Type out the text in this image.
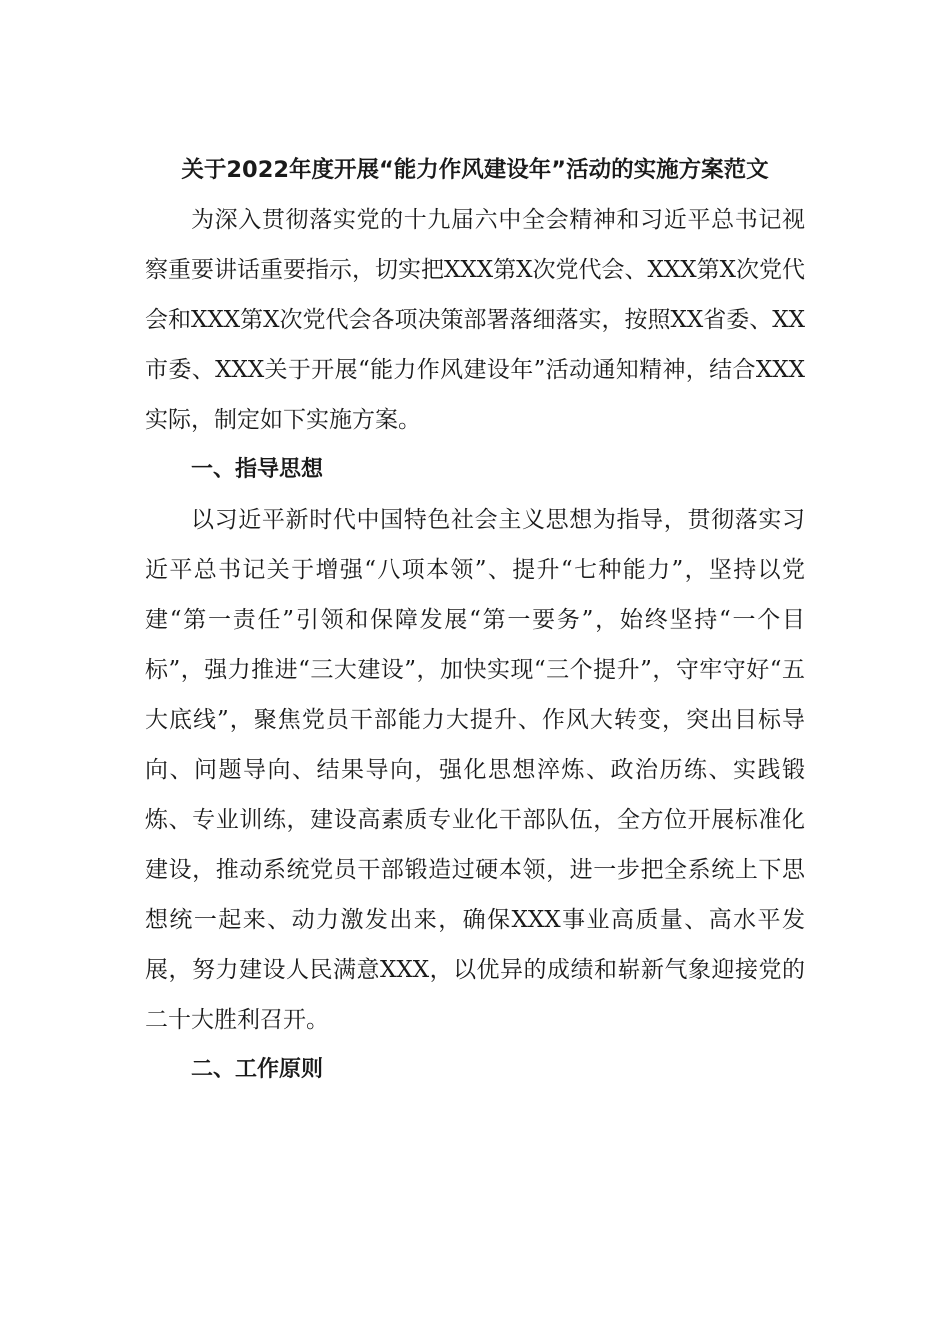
关于2022年度开展“能力作风建设年”活动的实施方案范文

为深入贯彻落实党的十九届六中全会精神和习近平总书记视察重要讲话重要指示，切实把XXX第X次党代会、XXX第X次党代会和XXX第X次党代会各项决策部署落细落实，按照XX省委、XX市委、XXX关于开展“能力作风建设年”活动通知精神，结合XXX实际，制定如下实施方案。

一、指导思想

以习近平新时代中国特色社会主义思想为指导，贯彻落实习近平总书记关于增强“八项本领”、提升“七种能力”，坚持以党建“第一责任”引领和保障发展“第一要务”，始终坚持“一个目标”，强力推进“三大建设”，加快实现“三个提升”，守牢守好“五大底线”，聚焦党员干部能力大提升、作风大转变，突出目标导向、问题导向、结果导向，强化思想淬炼、政治历练、实践锻炼、专业训练，建设高素质专业化干部队伍，全方位开展标准化建设，推动系统党员干部锻造过硬本领，进一步把全系统上下思想统一起来、动力激发出来，确保XXX事业高质量、高水平发展，努力建设人民满意XXX，以优异的成绩和崭新气象迎接党的二十大胜利召开。

二、工作原则
